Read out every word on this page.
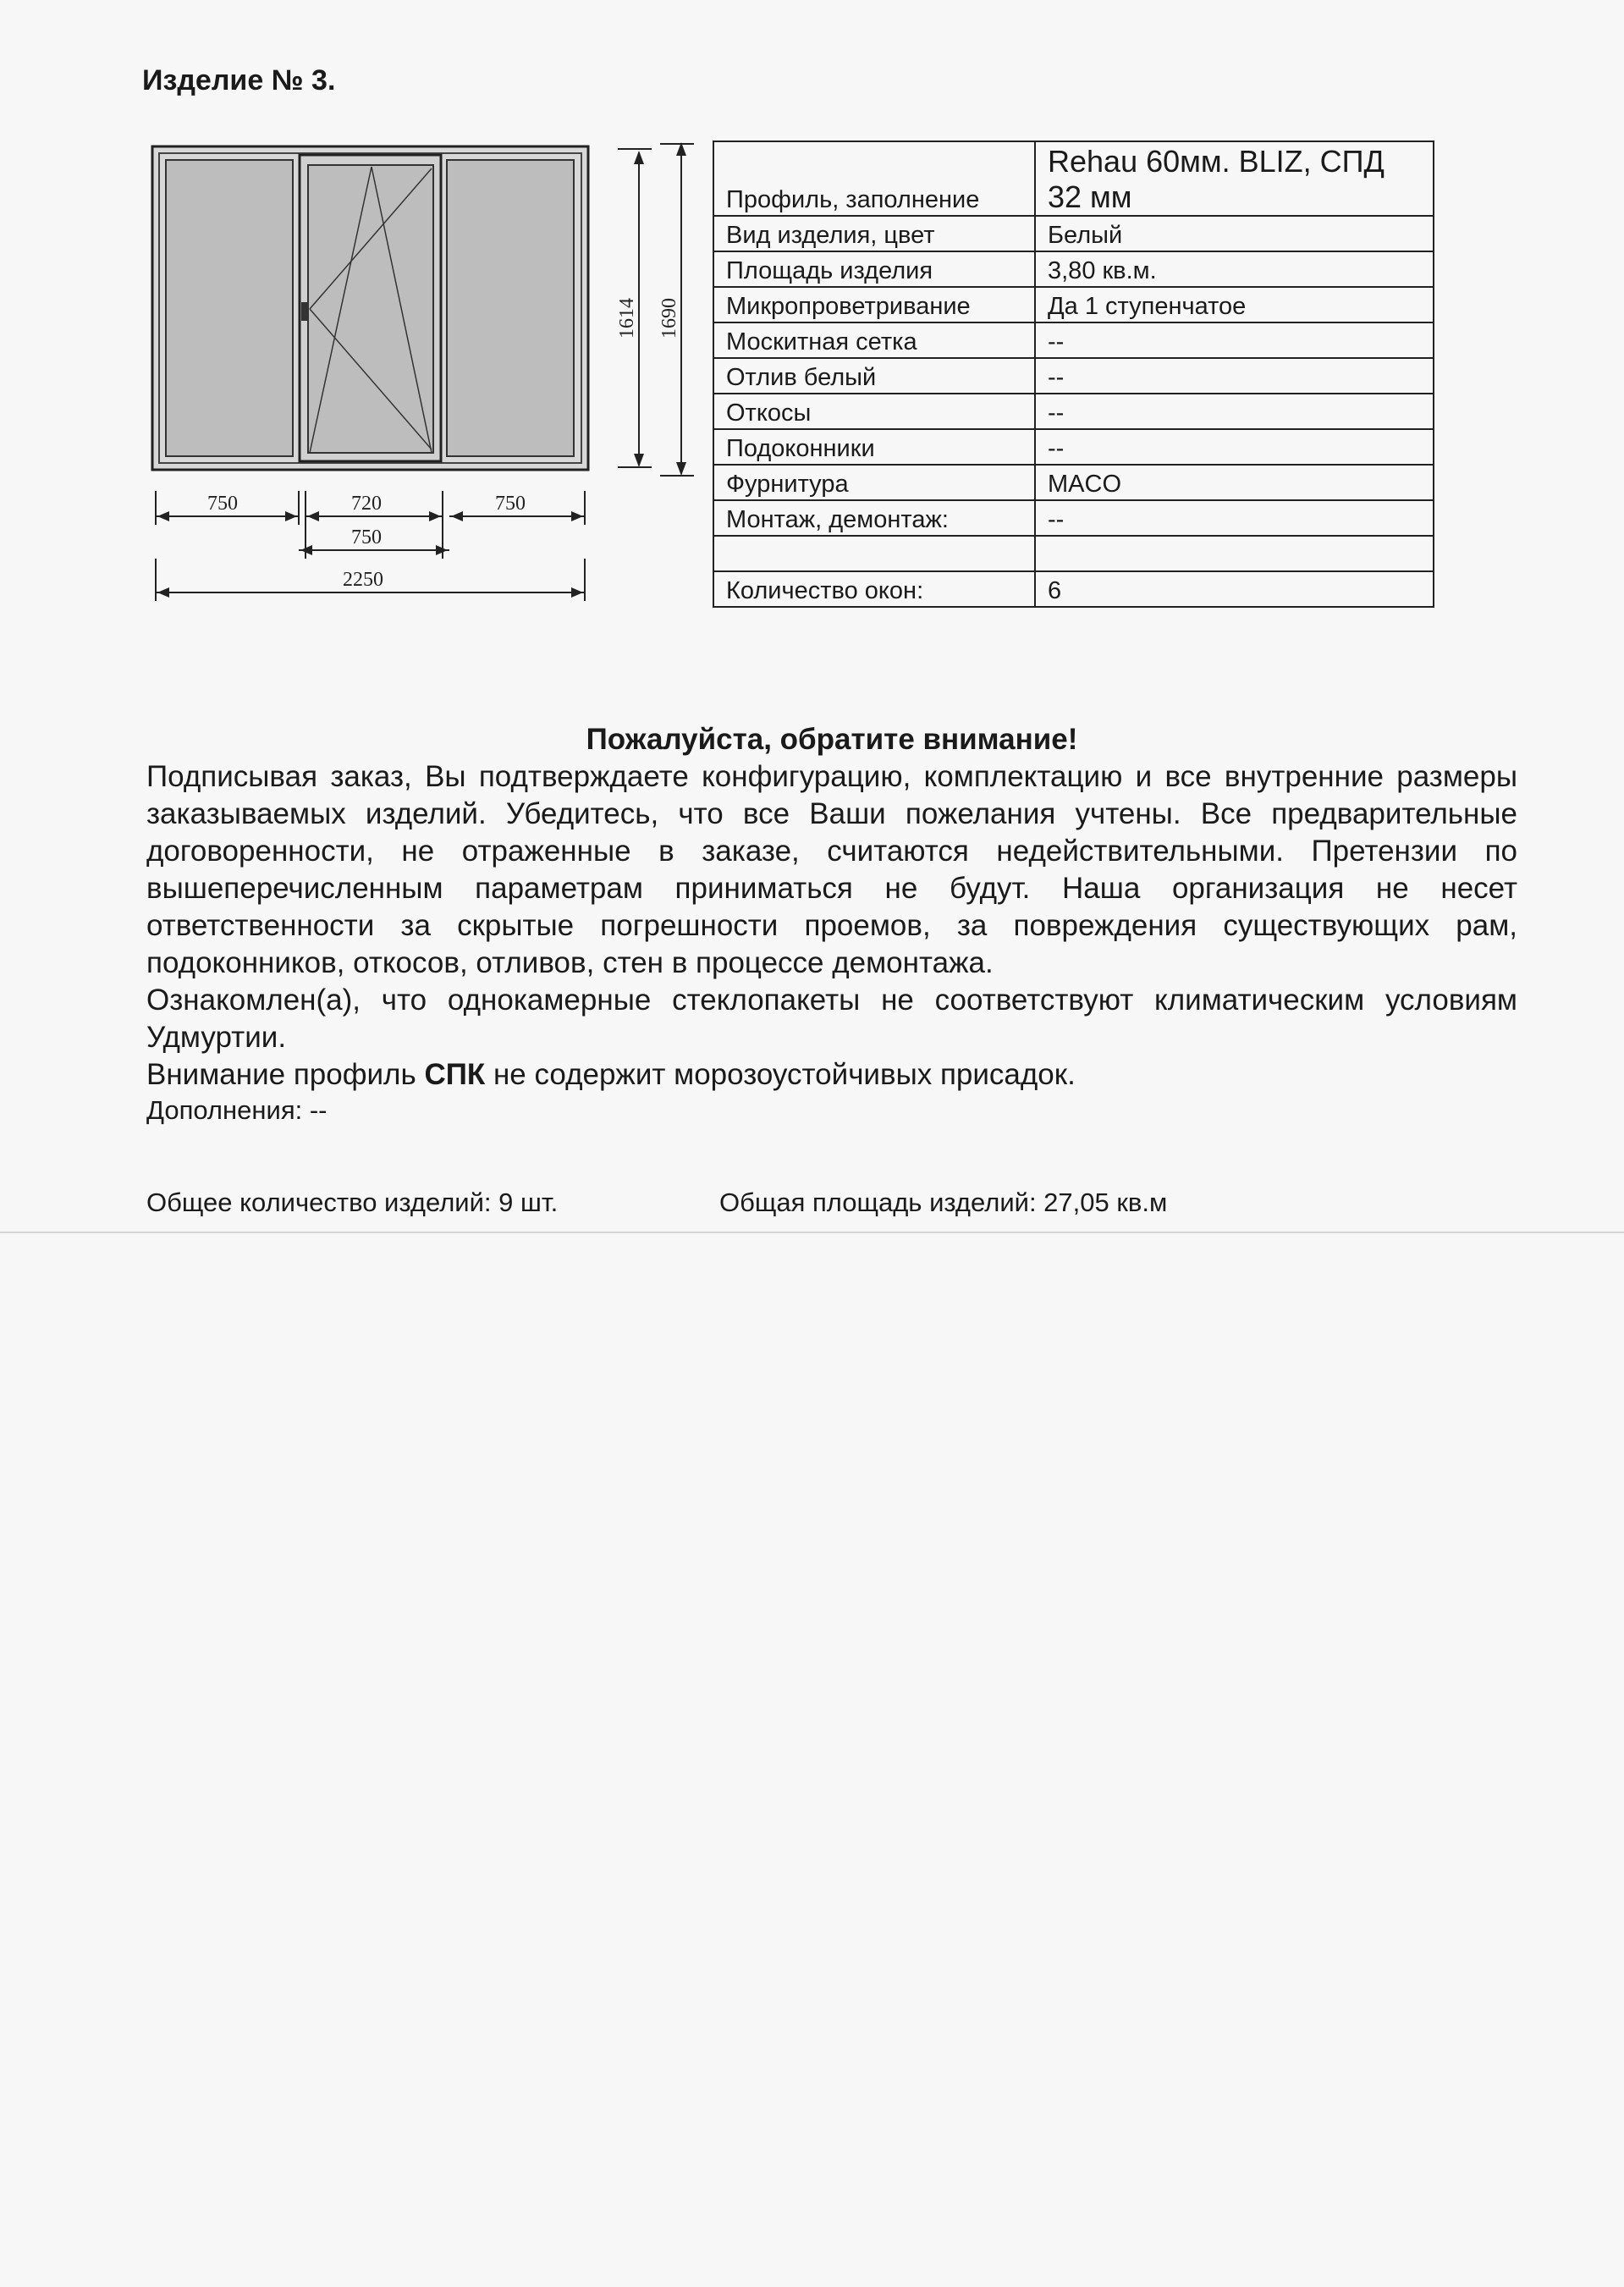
Изделие № 3.
750	720	750
750
2250
1614 1690
Профиль, заполнение	Rehau 60мм. BLIZ, СПД 32 мм
Вид изделия, цвет	Белый
Площадь изделия	3,80 кв.м.
Микропроветривание	Да 1 ступенчатое
Москитная сетка	--
Отлив белый	--
Откосы	--
Подоконники	--
Фурнитура	MACO
Монтаж, демонтаж:	--

Количество окон:	6
Пожалуйста, обратите внимание!

Подписывая заказ, Вы подтверждаете конфигурацию, комплектацию и все внутренние размеры заказываемых изделий. Убедитесь, что все Ваши пожелания учтены. Все предварительные договоренности, не отраженные в заказе, считаются недействительными. Претензии по вышеперечисленным параметрам приниматься не будут. Наша организация не несет ответственности за скрытые погрешности проемов, за повреждения существующих рам, подоконников, откосов, отливов, стен в процессе демонтажа.

Ознакомлен(а), что однокамерные стеклопакеты не соответствуют климатическим условиям Удмуртии.

Внимание профиль СПК не содержит морозоустойчивых присадок.

Дополнения: --

Общее количество изделий: 9 шт.	Общая площадь изделий: 27,05 кв.м
